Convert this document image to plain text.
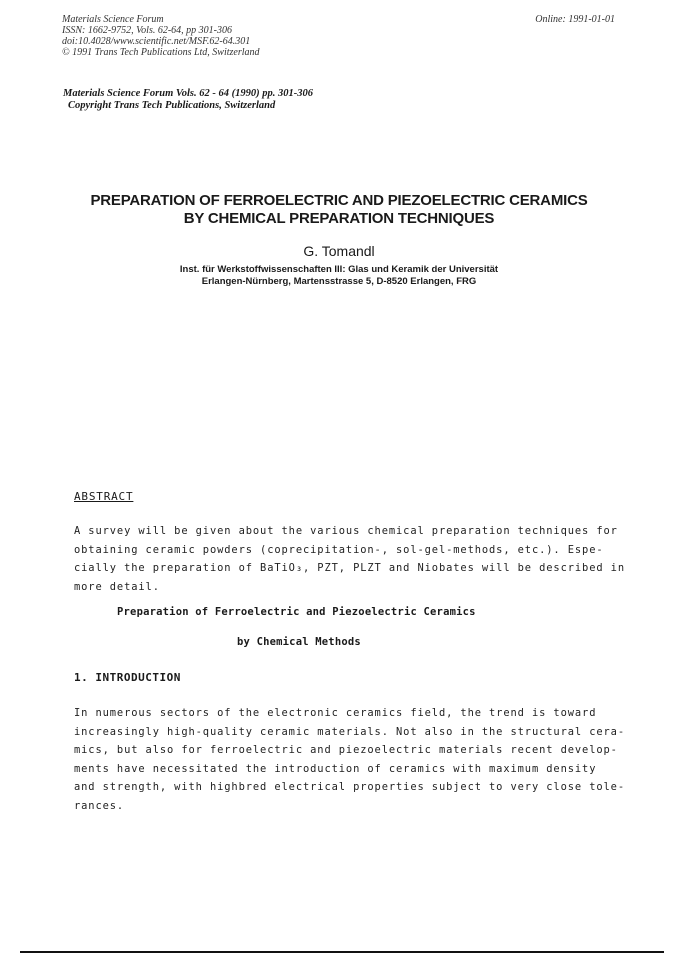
Materials Science Forum
ISSN: 1662-9752, Vols. 62-64, pp 301-306
doi:10.4028/www.scientific.net/MSF.62-64.301
© 1991 Trans Tech Publications Ltd, Switzerland
Online: 1991-01-01
Materials Science Forum Vols. 62 - 64 (1990) pp. 301-306
Copyright Trans Tech Publications, Switzerland
PREPARATION OF FERROELECTRIC AND PIEZOELECTRIC CERAMICS
BY CHEMICAL PREPARATION TECHNIQUES
G. Tomandl
Inst. für Werkstoffwissenschaften III: Glas und Keramik der Universität
Erlangen-Nürnberg, Martensstrasse 5, D-8520 Erlangen, FRG
ABSTRACT
A survey will be given about the various chemical preparation techniques for
obtaining ceramic powders (coprecipitation-, sol-gel-methods, etc.). Espe-
cially the preparation of BaTiO₃, PZT, PLZT and Niobates will be described in
more detail.
Preparation of Ferroelectric and Piezoelectric Ceramics
by Chemical Methods
1. INTRODUCTION
In numerous sectors of the electronic ceramics field, the trend is toward
increasingly high-quality ceramic materials. Not also in the structural cera-
mics, but also for ferroelectric and piezoelectric materials recent develop-
ments have necessitated the introduction of ceramics with maximum density
and strength, with highbred electrical properties subject to very close tole-
rances.
